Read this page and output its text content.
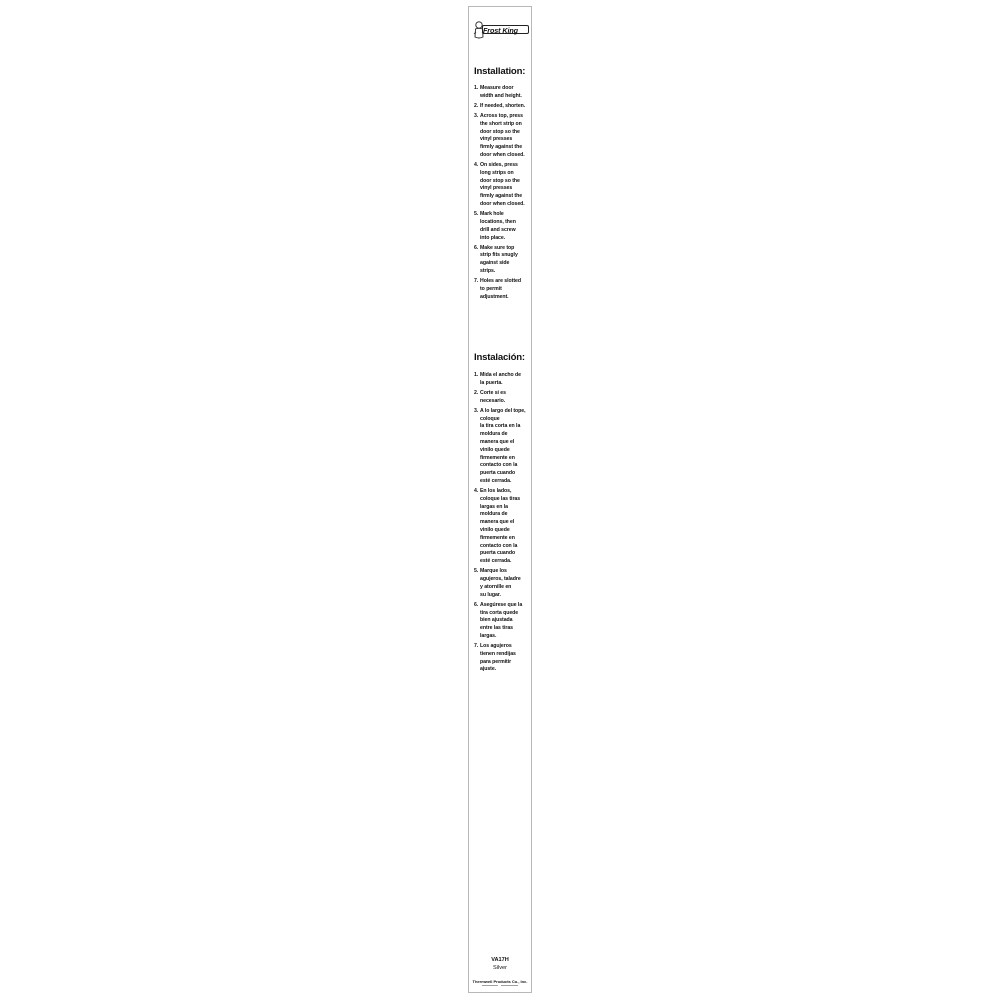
Frost King
Installation:
1. Measure door
width and height.
2. If needed, shorten.
3. Across top, press
the short strip on
door stop so the
vinyl presses
firmly against the
door when closed.
4. On sides, press
long strips on
door stop so the
vinyl presses
firmly against the
door when closed.
5. Mark hole
locations, then
drill and screw
into place.
6. Make sure top
strip fits snugly
against side
strips.
7. Holes are slotted
to permit
adjustment.
Instalación:
1. Mida el ancho de
la puerta.
2. Corte si es
necesario.
3. A lo largo del tope,
coloque
la tira corta en la
moldura de
manera que el
vinilo quede
firmemente en
contacto con la
puerta cuando
esté cerrada.
4. En los lados,
coloque las tiras
largas en la
moldura de
manera que el
vinilo quede
firmemente en
contacto con la
puerta cuando
esté cerrada.
5. Marque los
agujeros, taladre
y atornille en
su lugar.
6. Asegúrese que la
tira corta quede
bien ajustada
entre las tiras
largas.
7. Los agujeros
tienen rendijas
para permitir
ajuste.
VA17H
Silver
Thermwell Products Co., Inc.
